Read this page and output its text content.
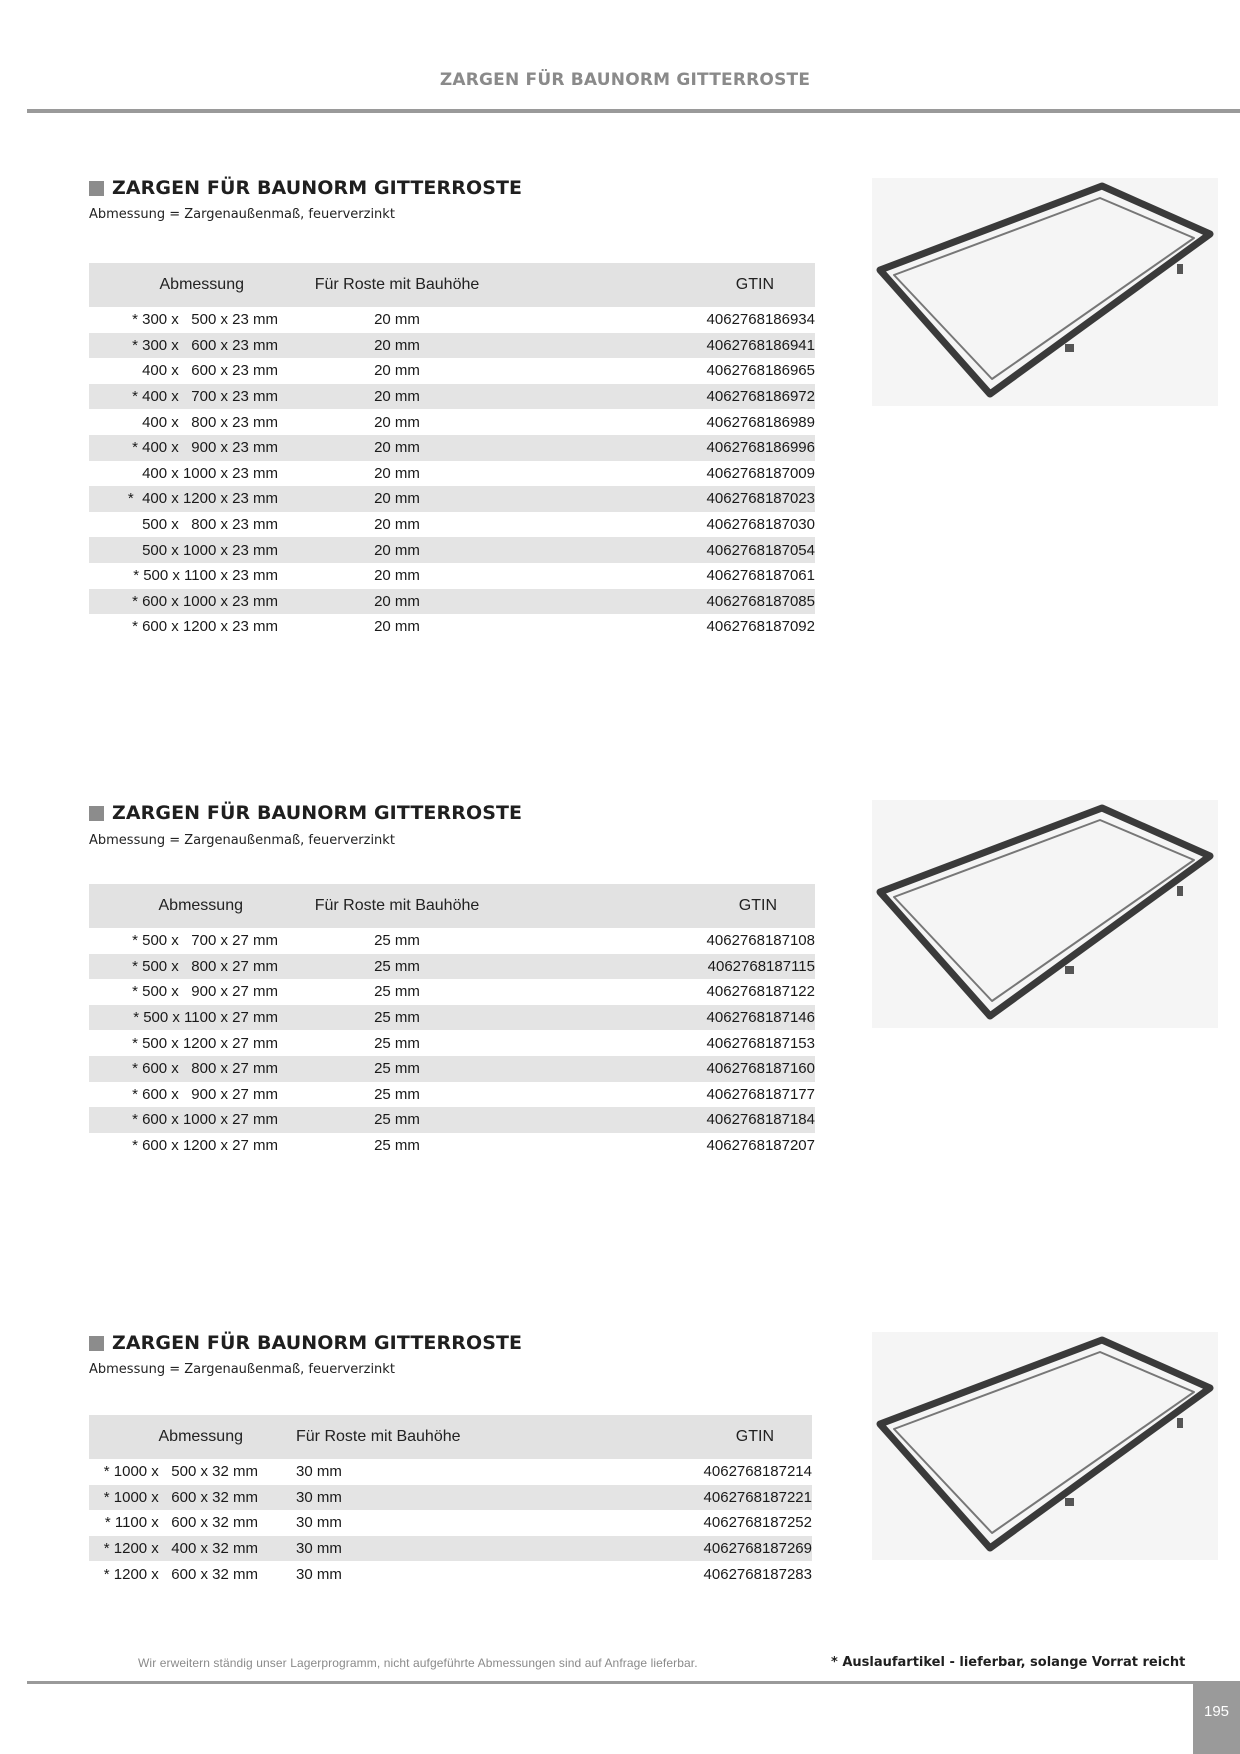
ZARGEN FÜR BAUNORM GITTERROSTE
ZARGEN FÜR BAUNORM GITTERROSTE
Abmessung = Zargenaußenmaß, feuerverzinkt
Abmessung	Für Roste mit Bauhöhe	GTIN
* 300 x   500 x 23 mm	20 mm	4062768186934
* 300 x   600 x 23 mm	20 mm	4062768186941
400 x   600 x 23 mm	20 mm	4062768186965
* 400 x   700 x 23 mm	20 mm	4062768186972
400 x   800 x 23 mm	20 mm	4062768186989
* 400 x   900 x 23 mm	20 mm	4062768186996
400 x 1000 x 23 mm	20 mm	4062768187009
*  400 x 1200 x 23 mm	20 mm	4062768187023
500 x   800 x 23 mm	20 mm	4062768187030
500 x 1000 x 23 mm	20 mm	4062768187054
* 500 x 1100 x 23 mm	20 mm	4062768187061
* 600 x 1000 x 23 mm	20 mm	4062768187085
* 600 x 1200 x 23 mm	20 mm	4062768187092
ZARGEN FÜR BAUNORM GITTERROSTE
Abmessung = Zargenaußenmaß, feuerverzinkt
Abmessung	Für Roste mit Bauhöhe	GTIN
* 500 x   700 x 27 mm	25 mm	4062768187108
* 500 x   800 x 27 mm	25 mm	4062768187115
* 500 x   900 x 27 mm	25 mm	4062768187122
* 500 x 1100 x 27 mm	25 mm	4062768187146
* 500 x 1200 x 27 mm	25 mm	4062768187153
* 600 x   800 x 27 mm	25 mm	4062768187160
* 600 x   900 x 27 mm	25 mm	4062768187177
* 600 x 1000 x 27 mm	25 mm	4062768187184
* 600 x 1200 x 27 mm	25 mm	4062768187207
ZARGEN FÜR BAUNORM GITTERROSTE
Abmessung = Zargenaußenmaß, feuerverzinkt
Abmessung	Für Roste mit Bauhöhe	GTIN
* 1000 x   500 x 32 mm	30 mm	4062768187214
* 1000 x   600 x 32 mm	30 mm	4062768187221
* 1100 x   600 x 32 mm	30 mm	4062768187252
* 1200 x   400 x 32 mm	30 mm	4062768187269
* 1200 x   600 x 32 mm	30 mm	4062768187283
Wir erweitern ständig unser Lagerprogramm, nicht aufgeführte Abmessungen sind auf Anfrage lieferbar.	* Auslaufartikel - lieferbar, solange Vorrat reicht
195
